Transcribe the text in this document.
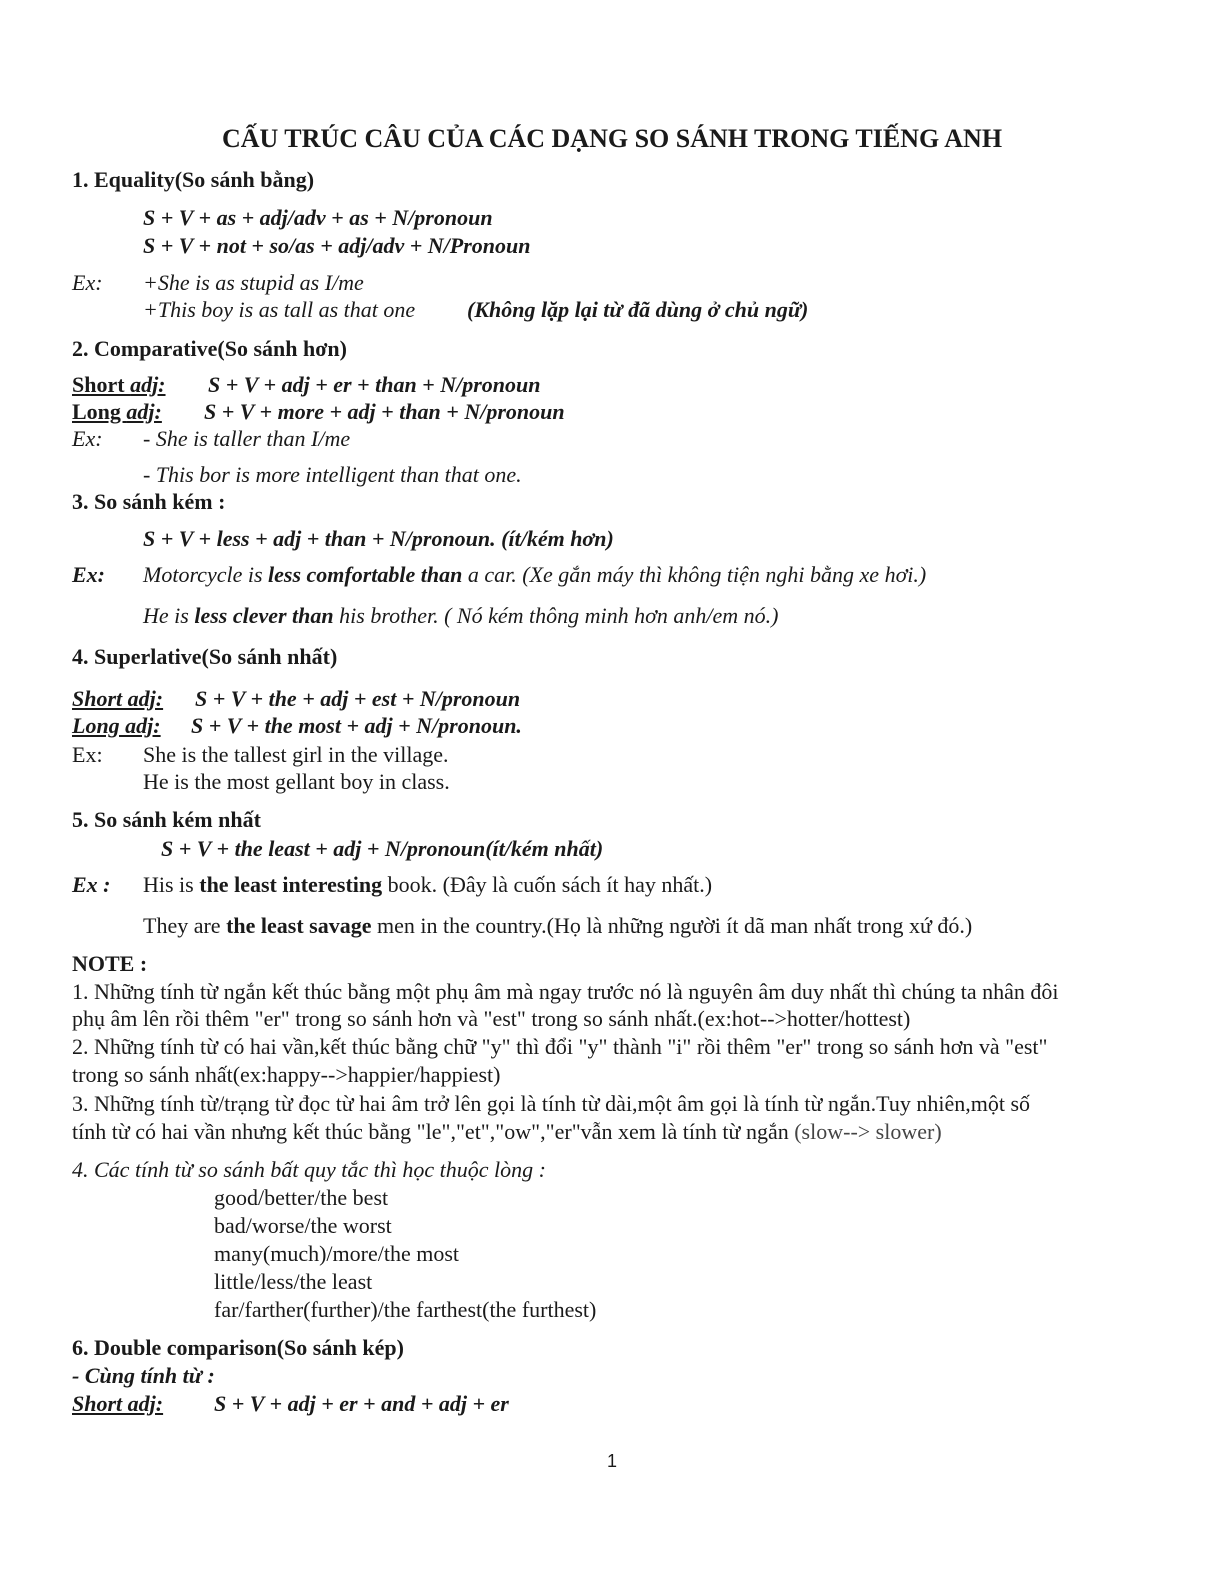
CẤU TRÚC CÂU CỦA CÁC DẠNG SO SÁNH TRONG TIẾNG ANH
1. Equality(So sánh bằng)
S + V + as + adj/adv + as + N/pronoun
S + V + not + so/as + adj/adv + N/Pronoun
Ex: +She is as stupid as I/me
+This boy is as tall as that one (Không lặp lại từ đã dùng ở chủ ngữ)
2. Comparative(So sánh hơn)
Short adj: S + V + adj + er + than + N/pronoun
Long adj: S + V + more + adj + than + N/pronoun
Ex: - She is taller than I/me
- This bor is more intelligent than that one.
3. So sánh kém :
S + V + less + adj + than + N/pronoun. (ít/kém hơn)
Ex: Motorcycle is less comfortable than a car. (Xe gắn máy thì không tiện nghi bằng xe hơi.)
He is less clever than his brother. ( Nó kém thông minh hơn anh/em nó.)
4. Superlative(So sánh nhất)
Short adj: S + V + the + adj + est + N/pronoun
Long adj: S + V + the most + adj + N/pronoun.
Ex: She is the tallest girl in the village.
He is the most gellant boy in class.
5. So sánh kém nhất
S + V + the least + adj + N/pronoun(ít/kém nhất)
Ex : His is the least interesting book. (Đây là cuốn sách ít hay nhất.)
They are the least savage men in the country.(Họ là những người ít dã man nhất trong xứ đó.)
NOTE :
1. Những tính từ ngắn kết thúc bằng một phụ âm mà ngay trước nó là nguyên âm duy nhất thì chúng ta nhân đôi
phụ âm lên rồi thêm "er" trong so sánh hơn và "est" trong so sánh nhất.(ex:hot-->hotter/hottest)
2. Những tính từ có hai vần,kết thúc bằng chữ "y" thì đổi "y" thành "i" rồi thêm "er" trong so sánh hơn và "est"
trong so sánh nhất(ex:happy-->happier/happiest)
3. Những tính từ/trạng từ đọc từ hai âm trở lên gọi là tính từ dài,một âm gọi là tính từ ngắn.Tuy nhiên,một số
tính từ có hai vần nhưng kết thúc bằng "le","et","ow","er"vẫn xem là tính từ ngắn (slow--> slower)
4. Các tính từ so sánh bất quy tắc thì học thuộc lòng :
good/better/the best
bad/worse/the worst
many(much)/more/the most
little/less/the least
far/farther(further)/the farthest(the furthest)
6. Double comparison(So sánh kép)
- Cùng tính từ :
Short adj: S + V + adj + er + and + adj + er
1
